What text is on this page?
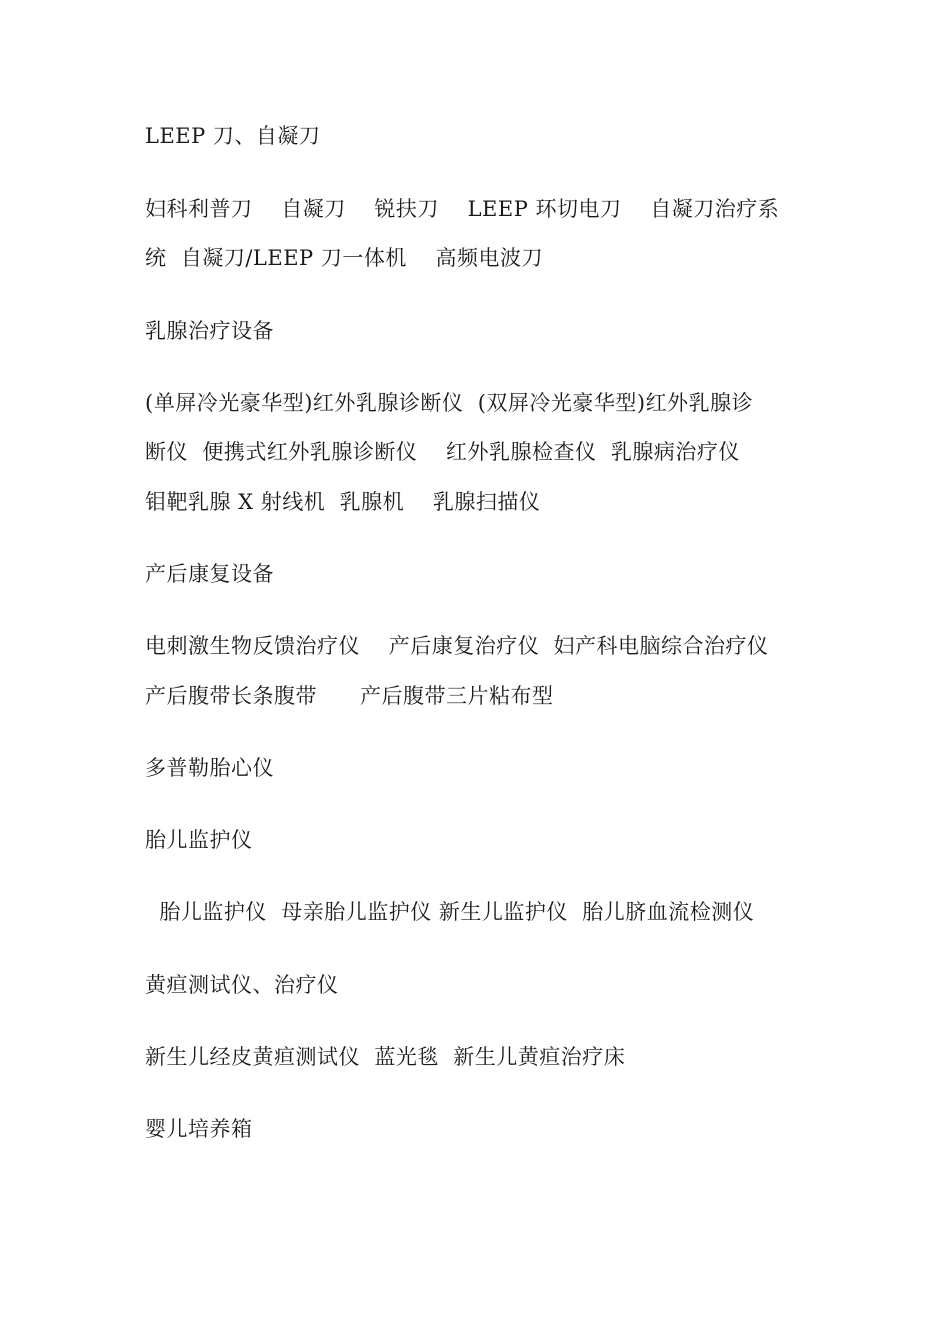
LEEP 刀、自凝刀
妇科利普刀    自凝刀    锐扶刀    LEEP 环切电刀    自凝刀治疗系
统  自凝刀/LEEP 刀一体机    高频电波刀
乳腺治疗设备
(单屏冷光豪华型)红外乳腺诊断仪  (双屏冷光豪华型)红外乳腺诊
断仪  便携式红外乳腺诊断仪    红外乳腺检查仪  乳腺病治疗仪
钼靶乳腺 X 射线机  乳腺机    乳腺扫描仪
产后康复设备
电刺激生物反馈治疗仪    产后康复治疗仪  妇产科电脑综合治疗仪
产后腹带长条腹带      产后腹带三片粘布型
多普勒胎心仪
胎儿监护仪
胎儿监护仪  母亲胎儿监护仪 新生儿监护仪  胎儿脐血流检测仪
黄疸测试仪、治疗仪
新生儿经皮黄疸测试仪  蓝光毯  新生儿黄疸治疗床
婴儿培养箱
